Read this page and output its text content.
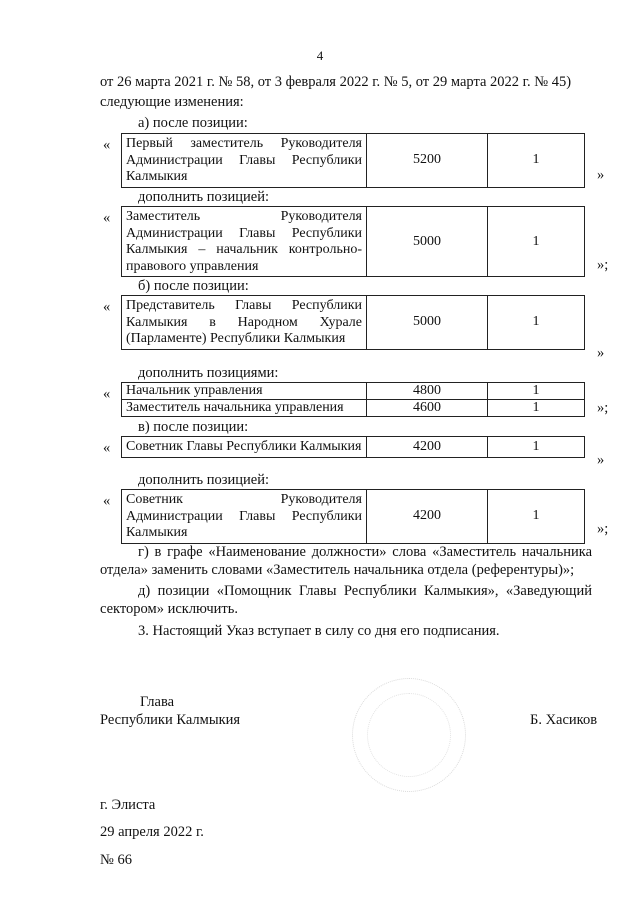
4
от 26 марта 2021 г. № 58, от 3 февраля 2022 г. № 5, от 29 марта 2022 г. № 45)
следующие изменения:
а) после позиции:
« Первый заместитель Руководителя Администрации Главы Республики Калмыкия	5200	1
»
дополнить позицией:
« Заместитель Руководителя Администрации Главы Республики Калмыкия – начальник контрольно-правового управления	5000	1
»;
б) после позиции:
« Представитель Главы Республики Калмыкия в Народном Хурале (Парламенте) Республики Калмыкия	5000	1
»
дополнить позициями:
« Начальник управления	4800	1
Заместитель начальника управления	4600	1	»;
в) после позиции:
« Советник Главы Республики Калмыкия	4200	1
»
дополнить позицией:
« Советник Руководителя Администрации Главы Республики Калмыкия	4200	1
»;
г) в графе «Наименование должности» слова «Заместитель начальника отдела» заменить словами «Заместитель начальника отдела (референтуры)»;
д) позиции «Помощник Главы Республики Калмыкия», «Заведующий сектором» исключить.
3. Настоящий Указ вступает в силу со дня его подписания.
Глава
Республики Калмыкия	Б. Хасиков
г. Элиста
29 апреля 2022 г.
№ 66
